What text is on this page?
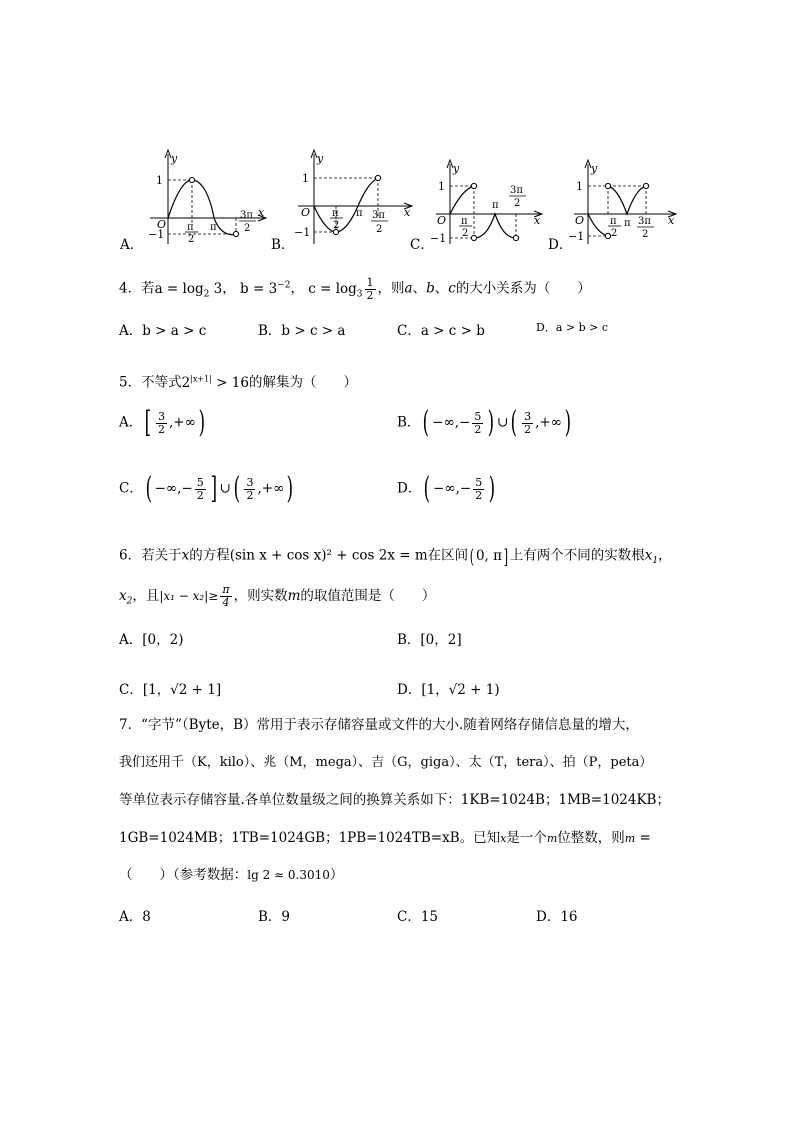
A．
y
x
O
1
−1
π
2
π
3π
2
B．
y
x
O
1
−1
π
2
π 3π
2
C．
y
x
O
1
−1
π
2
π
3π
2
D．
y
x
O
1
−1
π
2
π 3π
2
4．若$a = \log_2 3$， $b = 3^{-2}$， $c = \log_3 \frac{1}{2}$ ，则a、b、c的大小关系为（　　）
A．b > a > c	B．b > c > a	C．a > c > b	D．a > b > c
5．不等式$2^{|x+1|} > 16$的解集为（　　）
A．[ $\frac{3}{2}$ ,+∞)	B．( −∞,− $\frac{5}{2}$ ) ∪( $\frac{3}{2}$ ,+∞)
C．( −∞,− $\frac{5}{2}$ ] ∪( $\frac{3}{2}$ ,+∞)	D．( −∞,− $\frac{5}{2}$ )
6．若关于x的方程(sin x + cos x)² + cos 2x = m在区间( 0, π] 上有两个不同的实数根$x_1$，
$x_2$，且$|x_1 - x_2|\ge \frac{\pi}{4}$ ，则实数m的取值范围是（　　）
A．[0，2)	B．[0，2]
C．[1，√2 + 1]	D．[1，√2 + 1)
7．“字节”（Byte，B）常用于表示存储容量或文件的大小.随着网络存储信息量的增大，
我们还用千（K，kilo）、兆（M，mega）、吉（G，giga）、太（T，tera）、拍（P，peta）
等单位表示存储容量.各单位数量级之间的换算关系如下：1KB=1024B；1MB=1024KB；
1GB=1024MB；1TB=1024GB；1PB=1024TB=xB。已知x是一个m位整数，则m =
（　　）（参考数据：lg 2 ≈ 0.3010）
A．8	B．9	C．15	D．16
